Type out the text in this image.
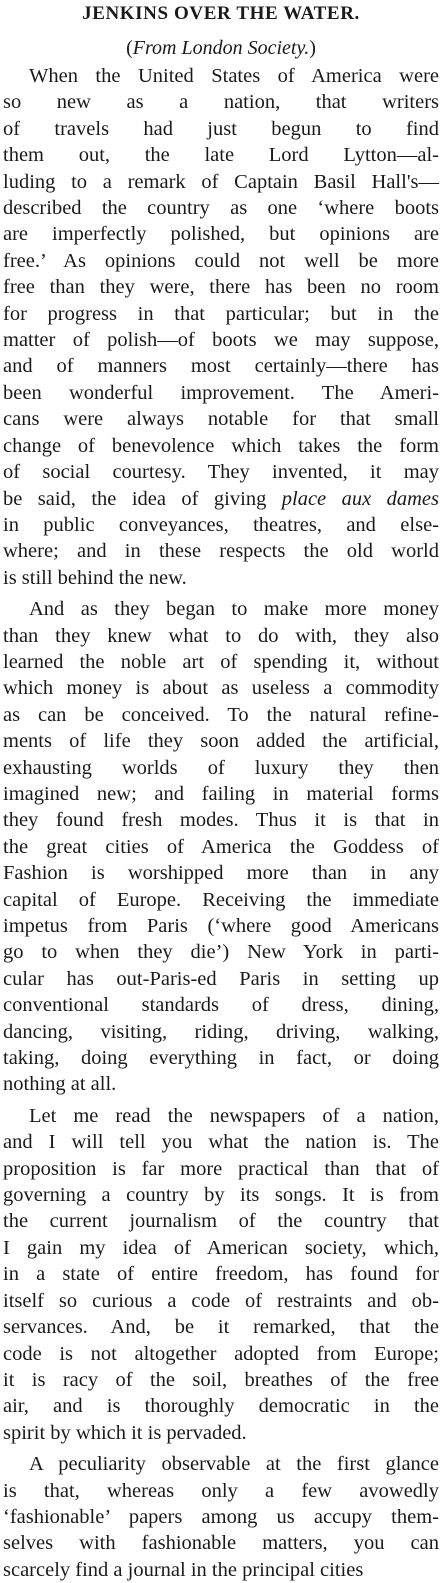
JENKINS OVER THE WATER.
(From London Society.)
When the United States of America were
so new as a nation, that writers
of travels had just begun to find
them out, the late Lord Lytton—al-
luding to a remark of Captain Basil Hall's—
described the country as one ‘where boots
are imperfectly polished, but opinions are
free.’ As opinions could not well be more
free than they were, there has been no room
for progress in that particular; but in the
matter of polish—of boots we may suppose,
and of manners most certainly—there has
been wonderful improvement. The Ameri-
cans were always notable for that small
change of benevolence which takes the form
of social courtesy. They invented, it may
be said, the idea of giving place aux dames
in public conveyances, theatres, and else-
where; and in these respects the old world
is still behind the new.
And as they began to make more money
than they knew what to do with, they also
learned the noble art of spending it, without
which money is about as useless a commodity
as can be conceived. To the natural refine-
ments of life they soon added the artificial,
exhausting worlds of luxury they then
imagined new; and failing in material forms
they found fresh modes. Thus it is that in
the great cities of America the Goddess of
Fashion is worshipped more than in any
capital of Europe. Receiving the immediate
impetus from Paris (‘where good Americans
go to when they die’) New York in parti-
cular has out-Paris-ed Paris in setting up
conventional standards of dress, dining,
dancing, visiting, riding, driving, walking,
taking, doing everything in fact, or doing
nothing at all.
Let me read the newspapers of a nation,
and I will tell you what the nation is. The
proposition is far more practical than that of
governing a country by its songs. It is from
the current journalism of the country that
I gain my idea of American society, which,
in a state of entire freedom, has found for
itself so curious a code of restraints and ob-
servances. And, be it remarked, that the
code is not altogether adopted from Europe;
it is racy of the soil, breathes of the free
air, and is thoroughly democratic in the
spirit by which it is pervaded.
A peculiarity observable at the first glance
is that, whereas only a few avowedly
‘fashionable’ papers among us accupy them-
selves with fashionable matters, you can
scarcely find a journal in the principal cities
